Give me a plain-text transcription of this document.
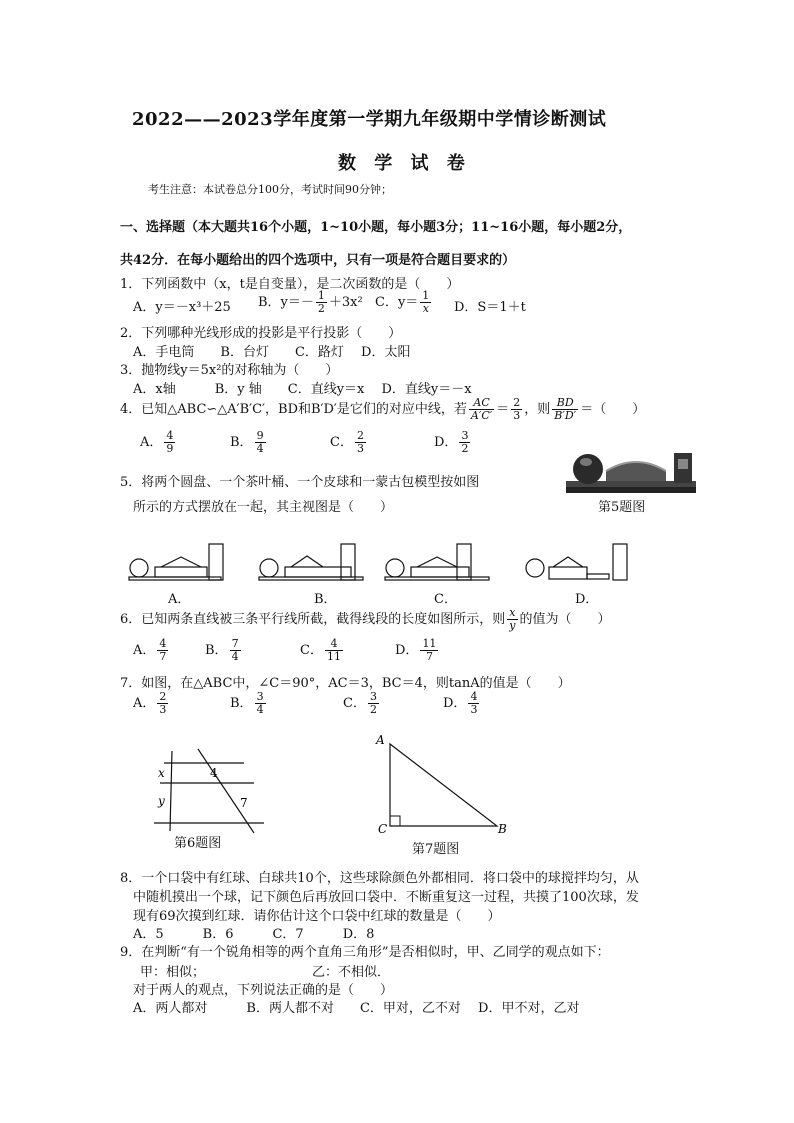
2022——2023学年度第一学期九年级期中学情诊断测试
数 学 试 卷
考生注意：本试卷总分100分，考试时间90分钟；
一、选择题（本大题共16个小题，1~10小题，每小题3分；11~16小题，每小题2分，
共42分．在每小题给出的四个选项中，只有一项是符合题目要求的）
1．下列函数中（x，t是自变量），是二次函数的是（　　）
A．y＝－x³＋25 B．$y=- \frac{1}{2} +3x^2$ C．$y= \frac{1}{x}$ D．S＝1＋t
2．下列哪种光线形成的投影是平行投影（　　）
A．手电筒　　B．台灯　　C．路灯　 D．太阳
3．抛物线y＝5x²的对称轴为（　　）
A．x轴　　　B．y 轴　　C．直线y＝x　 D．直线y＝－x
4．已知△ABC∽△A′B′C′，BD和B′D′是它们的对应中线，若 $\frac{AC}{A'C'} = \frac{2}{3}$ ，则 $\frac{BD}{B'D'}$ ＝（　　）
A． $\frac{4}{9}$	B． $\frac{9}{4}$	C． $\frac{2}{3}$	D． $\frac{3}{2}$
5．将两个圆盘、一个茶叶桶、一个皮球和一蒙古包模型按如图
所示的方式摆放在一起，其主视图是（　　）	第5题图
A．	B．	C．	D．
6．已知两条直线被三条平行线所截，截得线段的长度如图所示，则 $\frac{x}{y}$ 的值为（　　）
A． $\frac{4}{7}$	B． $\frac{7}{4}$	C． $\frac{4}{11}$	D． $\frac{11}{7}$
7．如图，在△ABC中，∠C＝90°，AC＝3，BC＝4，则tanA的值是（　　）
A． $\frac{2}{3}$	B． $\frac{3}{4}$	C． $\frac{3}{2}$	D． $\frac{4}{3}$
x
y
4
7
第6题图
A
C	B
第7题图
8．一个口袋中有红球、白球共10个，这些球除颜色外都相同．将口袋中的球搅拌均匀，从
中随机摸出一个球，记下颜色后再放回口袋中．不断重复这一过程，共摸了100次球，发
现有69次摸到红球．请你估计这个口袋中红球的数量是（　　）
A．5　　　B．6　　　C．7　　　D．8
9．在判断“有一个锐角相等的两个直角三角形”是否相似时，甲、乙同学的观点如下：
甲：相似；	乙：不相似．
对于两人的观点，下列说法正确的是（　　）
A．两人都对　　　B．两人都不对　　C．甲对，乙不对　 D．甲不对，乙对
